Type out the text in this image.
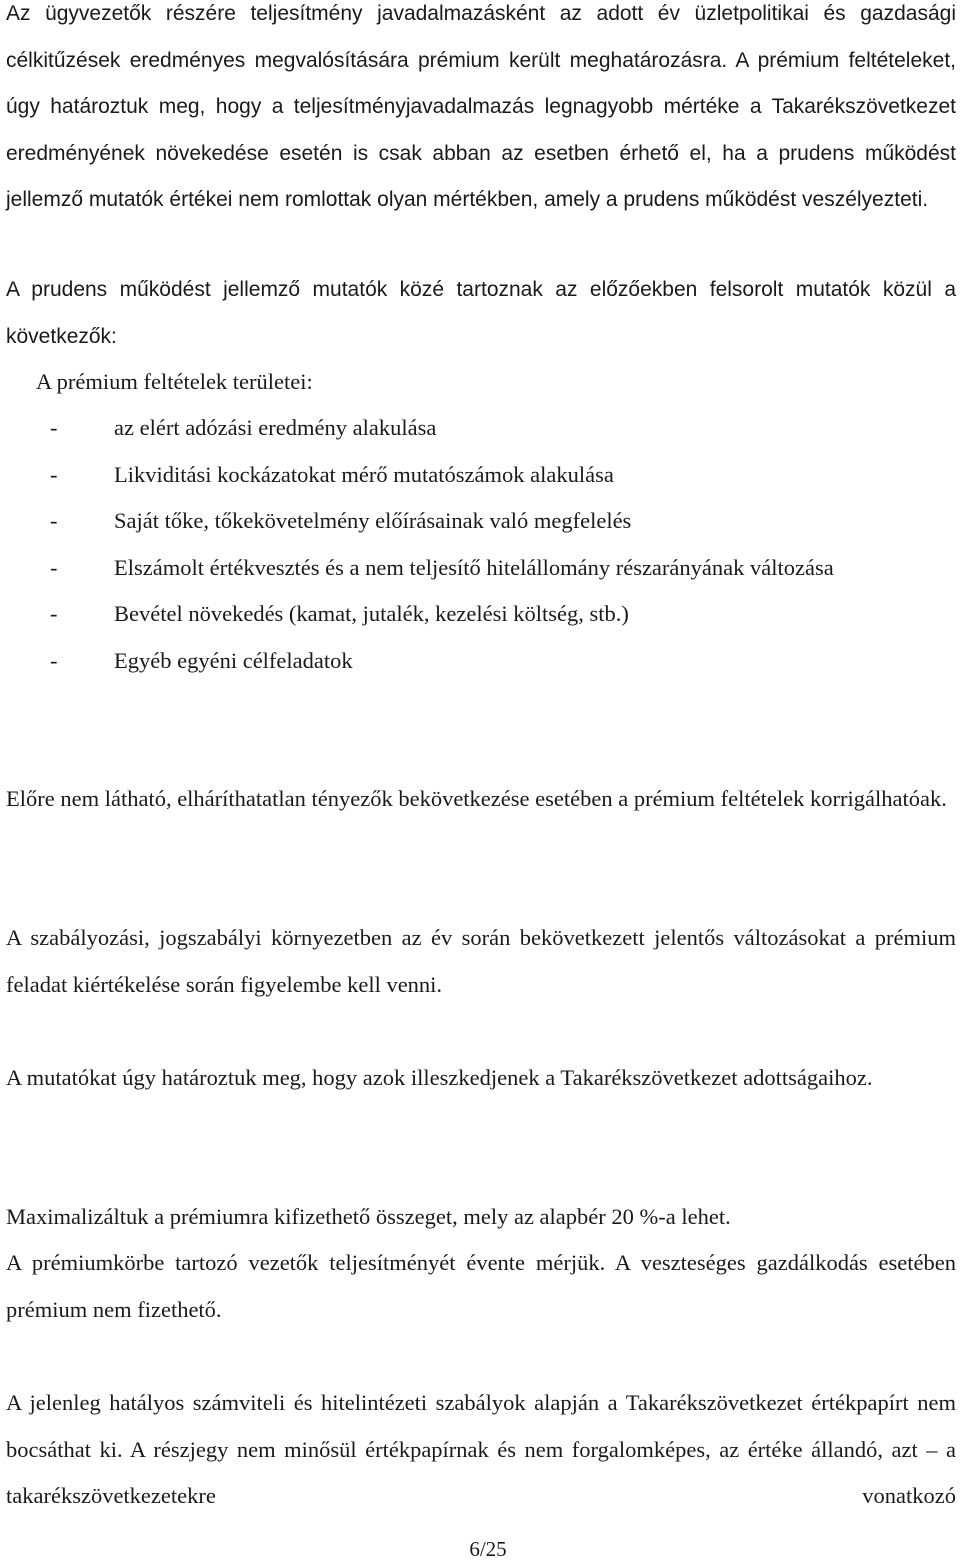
Az ügyvezetők részére teljesítmény javadalmazásként az adott év üzletpolitikai és gazdasági célkitűzések eredményes megvalósítására prémium került meghatározásra. A prémium feltételeket, úgy határoztuk meg, hogy a teljesítményjavadalmazás legnagyobb mértéke a Takarékszövetkezet eredményének növekedése esetén is csak abban az esetben érhető el, ha a prudens működést jellemző mutatók értékei nem romlottak olyan mértékben, amely a prudens működést veszélyezteti.

A prudens működést jellemző mutatók közé tartoznak az előzőekben felsorolt mutatók közül a következők:

A prémium feltételek területei:

-	az elért adózási eredmény alakulása
-	Likviditási kockázatokat mérő mutatószámok alakulása
-	Saját tőke, tőkekövetelmény előírásainak való megfelelés
-	Elszámolt értékvesztés és a nem teljesítő hitelállomány részarányának változása
-	Bevétel növekedés (kamat, jutalék, kezelési költség, stb.)
-	Egyéb egyéni célfeladatok

Előre nem látható, elháríthatatlan tényezők bekövetkezése esetében a prémium feltételek korrigálhatóak.

A szabályozási, jogszabályi környezetben az év során bekövetkezett jelentős változásokat a prémium feladat kiértékelése során figyelembe kell venni.

A mutatókat úgy határoztuk meg, hogy azok illeszkedjenek a Takarékszövetkezet adottságaihoz.

Maximalizáltuk a prémiumra kifizethető összeget, mely az alapbér 20 %-a lehet.

A prémiumkörbe tartozó vezetők teljesítményét évente mérjük. A veszteséges gazdálkodás esetében prémium nem fizethető.

A jelenleg hatályos számviteli és hitelintézeti szabályok alapján a Takarékszövetkezet értékpapírt nem bocsáthat ki. A részjegy nem minősül értékpapírnak és nem forgalomképes, az értéke állandó, azt – a takarékszövetkezetekre vonatkozó

6/25
